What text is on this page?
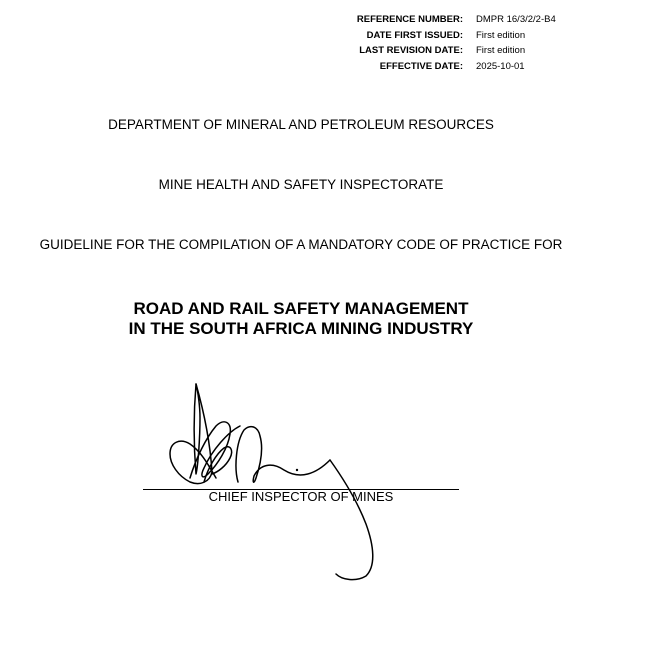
REFERENCE NUMBER:	DMPR 16/3/2/2-B4
DATE FIRST ISSUED:	First edition
LAST REVISION DATE:	First edition
EFFECTIVE DATE:	2025-10-01
DEPARTMENT OF MINERAL AND PETROLEUM RESOURCES
MINE HEALTH AND SAFETY INSPECTORATE
GUIDELINE FOR THE COMPILATION OF A MANDATORY CODE OF PRACTICE FOR
ROAD AND RAIL SAFETY MANAGEMENT
IN THE SOUTH AFRICA MINING INDUSTRY
CHIEF INSPECTOR OF MINES
